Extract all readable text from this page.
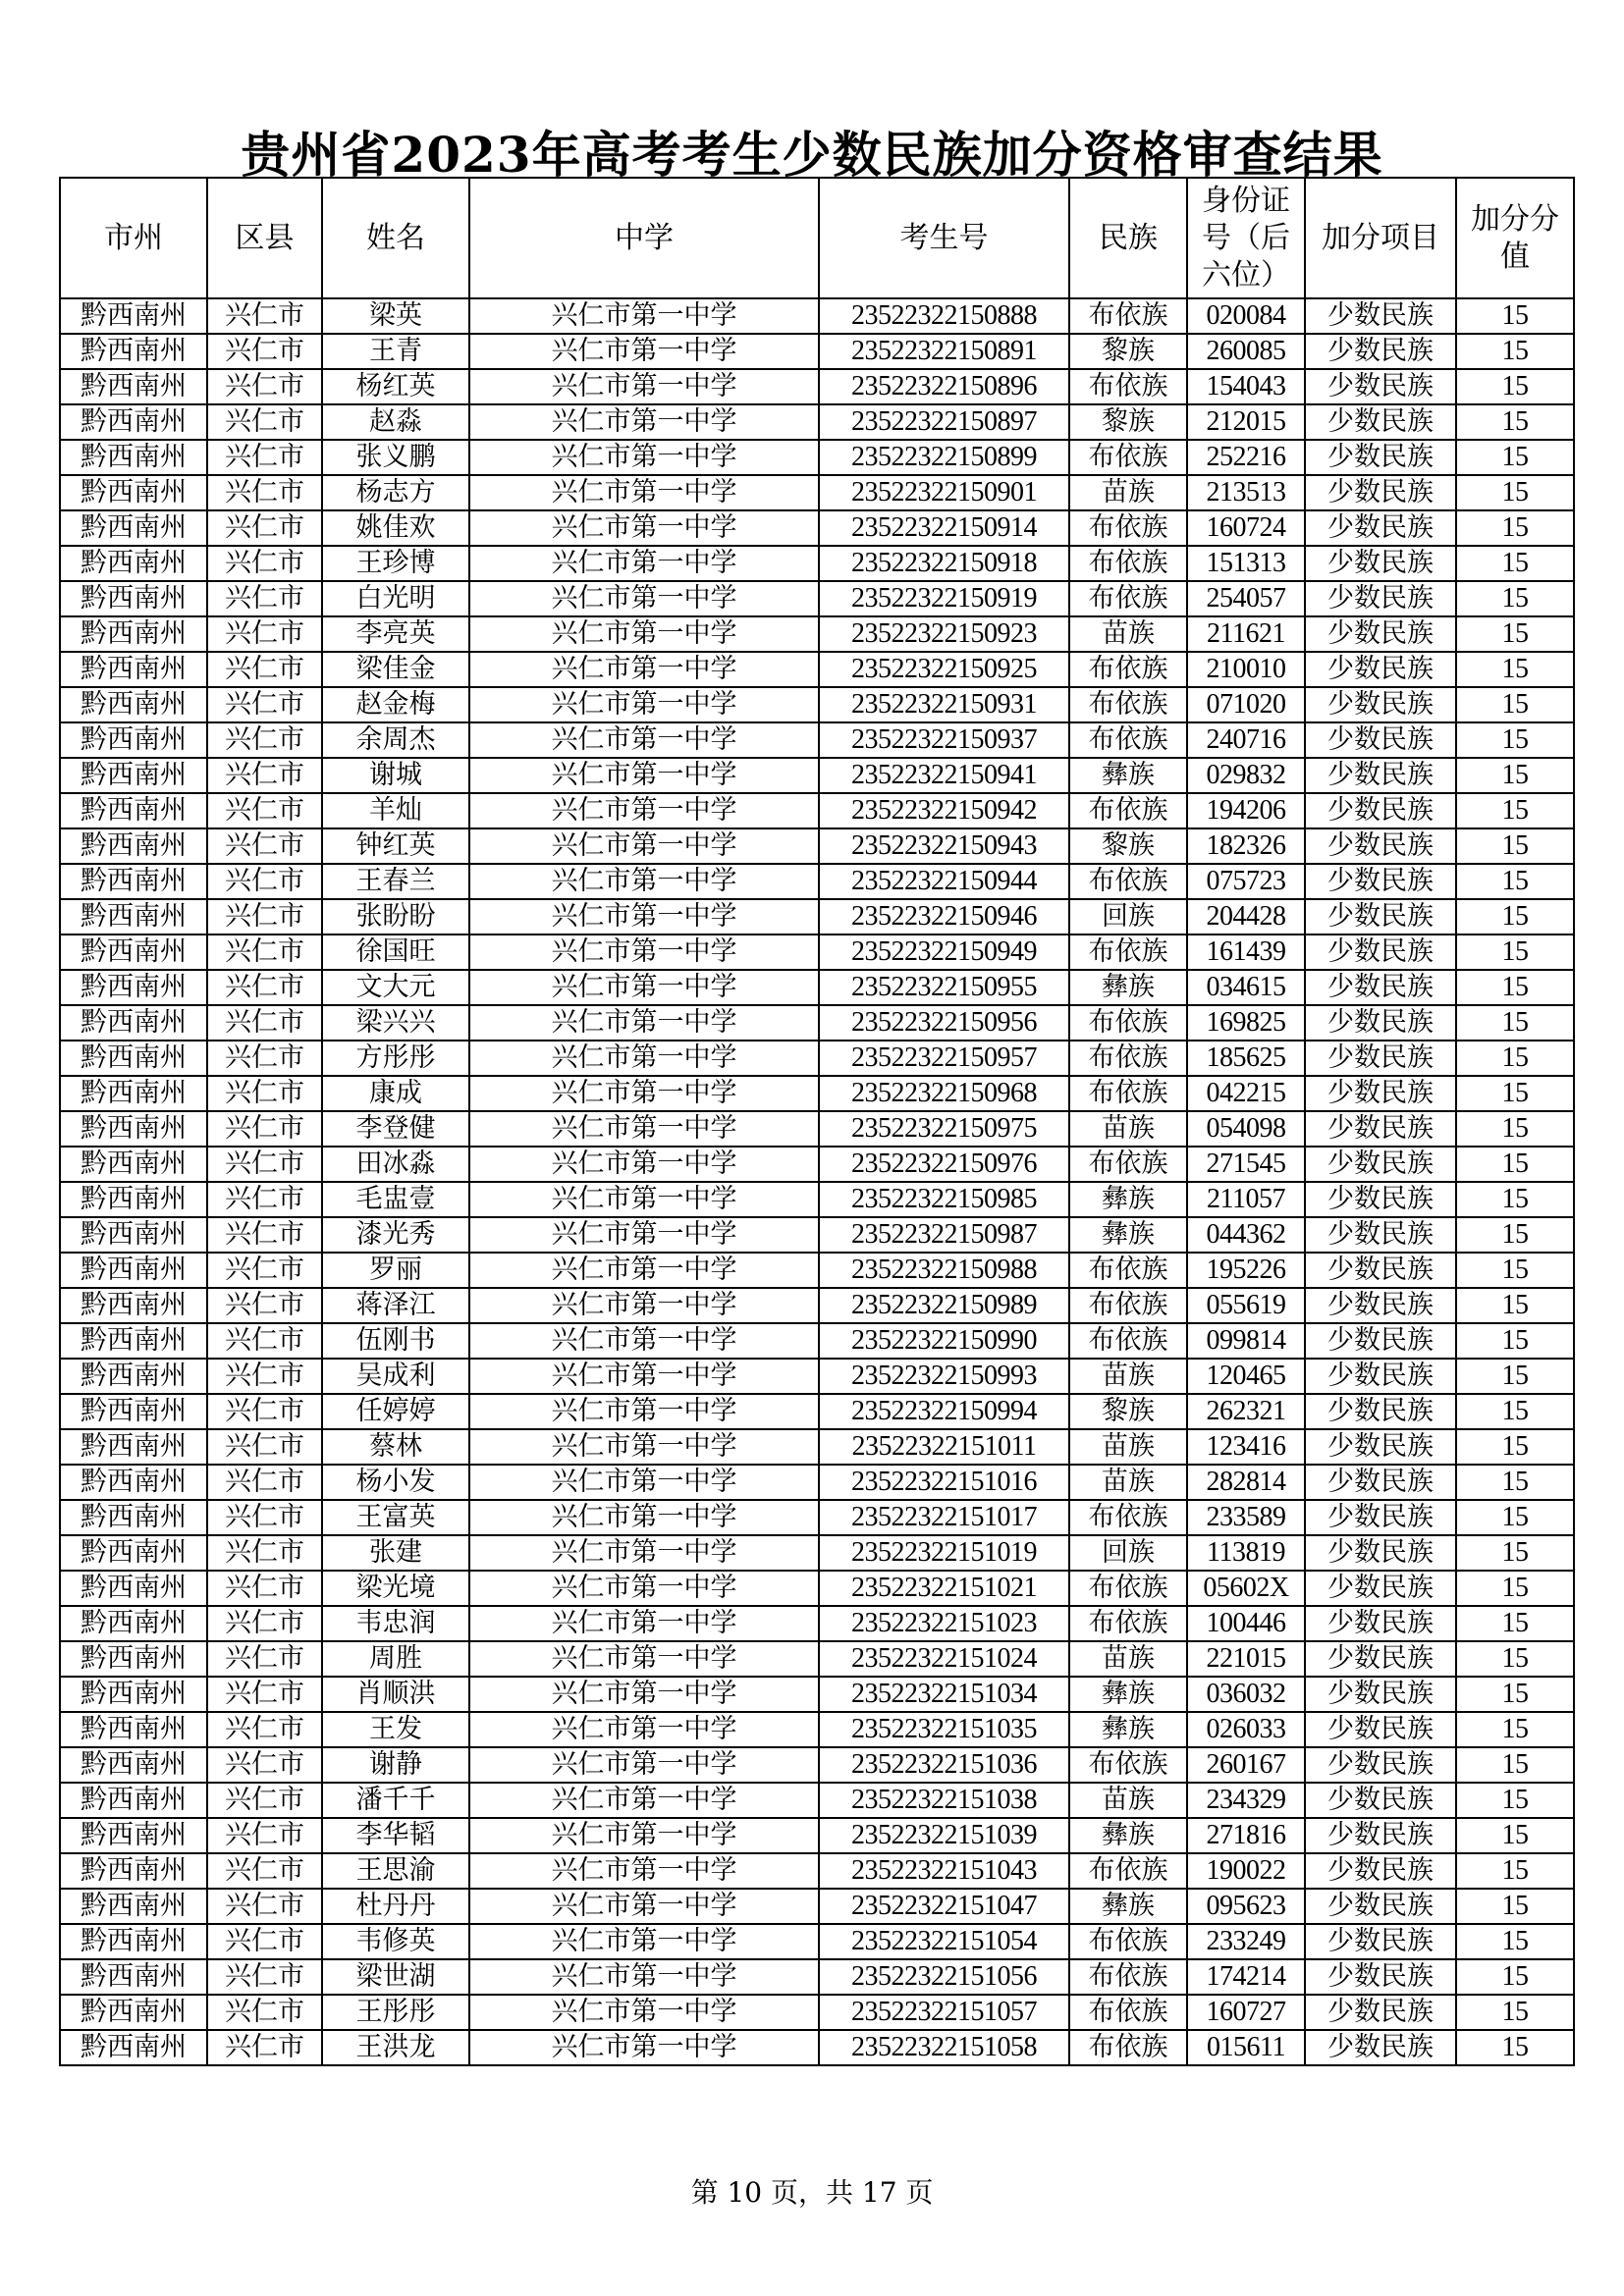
贵州省2023年高考考生少数民族加分资格审查结果
市州	区县	姓名	中学	考生号	民族	身份证号（后六位）	加分项目	加分分值
黔西南州	兴仁市	梁英	兴仁市第一中学	23522322150888	布依族	020084	少数民族	15
黔西南州	兴仁市	王青	兴仁市第一中学	23522322150891	黎族	260085	少数民族	15
黔西南州	兴仁市	杨红英	兴仁市第一中学	23522322150896	布依族	154043	少数民族	15
黔西南州	兴仁市	赵淼	兴仁市第一中学	23522322150897	黎族	212015	少数民族	15
黔西南州	兴仁市	张义鹏	兴仁市第一中学	23522322150899	布依族	252216	少数民族	15
黔西南州	兴仁市	杨志方	兴仁市第一中学	23522322150901	苗族	213513	少数民族	15
黔西南州	兴仁市	姚佳欢	兴仁市第一中学	23522322150914	布依族	160724	少数民族	15
黔西南州	兴仁市	王珍博	兴仁市第一中学	23522322150918	布依族	151313	少数民族	15
黔西南州	兴仁市	白光明	兴仁市第一中学	23522322150919	布依族	254057	少数民族	15
黔西南州	兴仁市	李亮英	兴仁市第一中学	23522322150923	苗族	211621	少数民族	15
黔西南州	兴仁市	梁佳金	兴仁市第一中学	23522322150925	布依族	210010	少数民族	15
黔西南州	兴仁市	赵金梅	兴仁市第一中学	23522322150931	布依族	071020	少数民族	15
黔西南州	兴仁市	余周杰	兴仁市第一中学	23522322150937	布依族	240716	少数民族	15
黔西南州	兴仁市	谢城	兴仁市第一中学	23522322150941	彝族	029832	少数民族	15
黔西南州	兴仁市	羊灿	兴仁市第一中学	23522322150942	布依族	194206	少数民族	15
黔西南州	兴仁市	钟红英	兴仁市第一中学	23522322150943	黎族	182326	少数民族	15
黔西南州	兴仁市	王春兰	兴仁市第一中学	23522322150944	布依族	075723	少数民族	15
黔西南州	兴仁市	张盼盼	兴仁市第一中学	23522322150946	回族	204428	少数民族	15
黔西南州	兴仁市	徐国旺	兴仁市第一中学	23522322150949	布依族	161439	少数民族	15
黔西南州	兴仁市	文大元	兴仁市第一中学	23522322150955	彝族	034615	少数民族	15
黔西南州	兴仁市	梁兴兴	兴仁市第一中学	23522322150956	布依族	169825	少数民族	15
黔西南州	兴仁市	方彤彤	兴仁市第一中学	23522322150957	布依族	185625	少数民族	15
黔西南州	兴仁市	康成	兴仁市第一中学	23522322150968	布依族	042215	少数民族	15
黔西南州	兴仁市	李登健	兴仁市第一中学	23522322150975	苗族	054098	少数民族	15
黔西南州	兴仁市	田冰淼	兴仁市第一中学	23522322150976	布依族	271545	少数民族	15
黔西南州	兴仁市	毛盅壹	兴仁市第一中学	23522322150985	彝族	211057	少数民族	15
黔西南州	兴仁市	漆光秀	兴仁市第一中学	23522322150987	彝族	044362	少数民族	15
黔西南州	兴仁市	罗丽	兴仁市第一中学	23522322150988	布依族	195226	少数民族	15
黔西南州	兴仁市	蒋泽江	兴仁市第一中学	23522322150989	布依族	055619	少数民族	15
黔西南州	兴仁市	伍刚书	兴仁市第一中学	23522322150990	布依族	099814	少数民族	15
黔西南州	兴仁市	吴成利	兴仁市第一中学	23522322150993	苗族	120465	少数民族	15
黔西南州	兴仁市	任婷婷	兴仁市第一中学	23522322150994	黎族	262321	少数民族	15
黔西南州	兴仁市	蔡林	兴仁市第一中学	23522322151011	苗族	123416	少数民族	15
黔西南州	兴仁市	杨小发	兴仁市第一中学	23522322151016	苗族	282814	少数民族	15
黔西南州	兴仁市	王富英	兴仁市第一中学	23522322151017	布依族	233589	少数民族	15
黔西南州	兴仁市	张建	兴仁市第一中学	23522322151019	回族	113819	少数民族	15
黔西南州	兴仁市	梁光境	兴仁市第一中学	23522322151021	布依族	05602X	少数民族	15
黔西南州	兴仁市	韦忠润	兴仁市第一中学	23522322151023	布依族	100446	少数民族	15
黔西南州	兴仁市	周胜	兴仁市第一中学	23522322151024	苗族	221015	少数民族	15
黔西南州	兴仁市	肖顺洪	兴仁市第一中学	23522322151034	彝族	036032	少数民族	15
黔西南州	兴仁市	王发	兴仁市第一中学	23522322151035	彝族	026033	少数民族	15
黔西南州	兴仁市	谢静	兴仁市第一中学	23522322151036	布依族	260167	少数民族	15
黔西南州	兴仁市	潘千千	兴仁市第一中学	23522322151038	苗族	234329	少数民族	15
黔西南州	兴仁市	李华韬	兴仁市第一中学	23522322151039	彝族	271816	少数民族	15
黔西南州	兴仁市	王思渝	兴仁市第一中学	23522322151043	布依族	190022	少数民族	15
黔西南州	兴仁市	杜丹丹	兴仁市第一中学	23522322151047	彝族	095623	少数民族	15
黔西南州	兴仁市	韦修英	兴仁市第一中学	23522322151054	布依族	233249	少数民族	15
黔西南州	兴仁市	梁世湖	兴仁市第一中学	23522322151056	布依族	174214	少数民族	15
黔西南州	兴仁市	王彤彤	兴仁市第一中学	23522322151057	布依族	160727	少数民族	15
黔西南州	兴仁市	王洪龙	兴仁市第一中学	23522322151058	布依族	015611	少数民族	15
第 10 页，共 17 页
